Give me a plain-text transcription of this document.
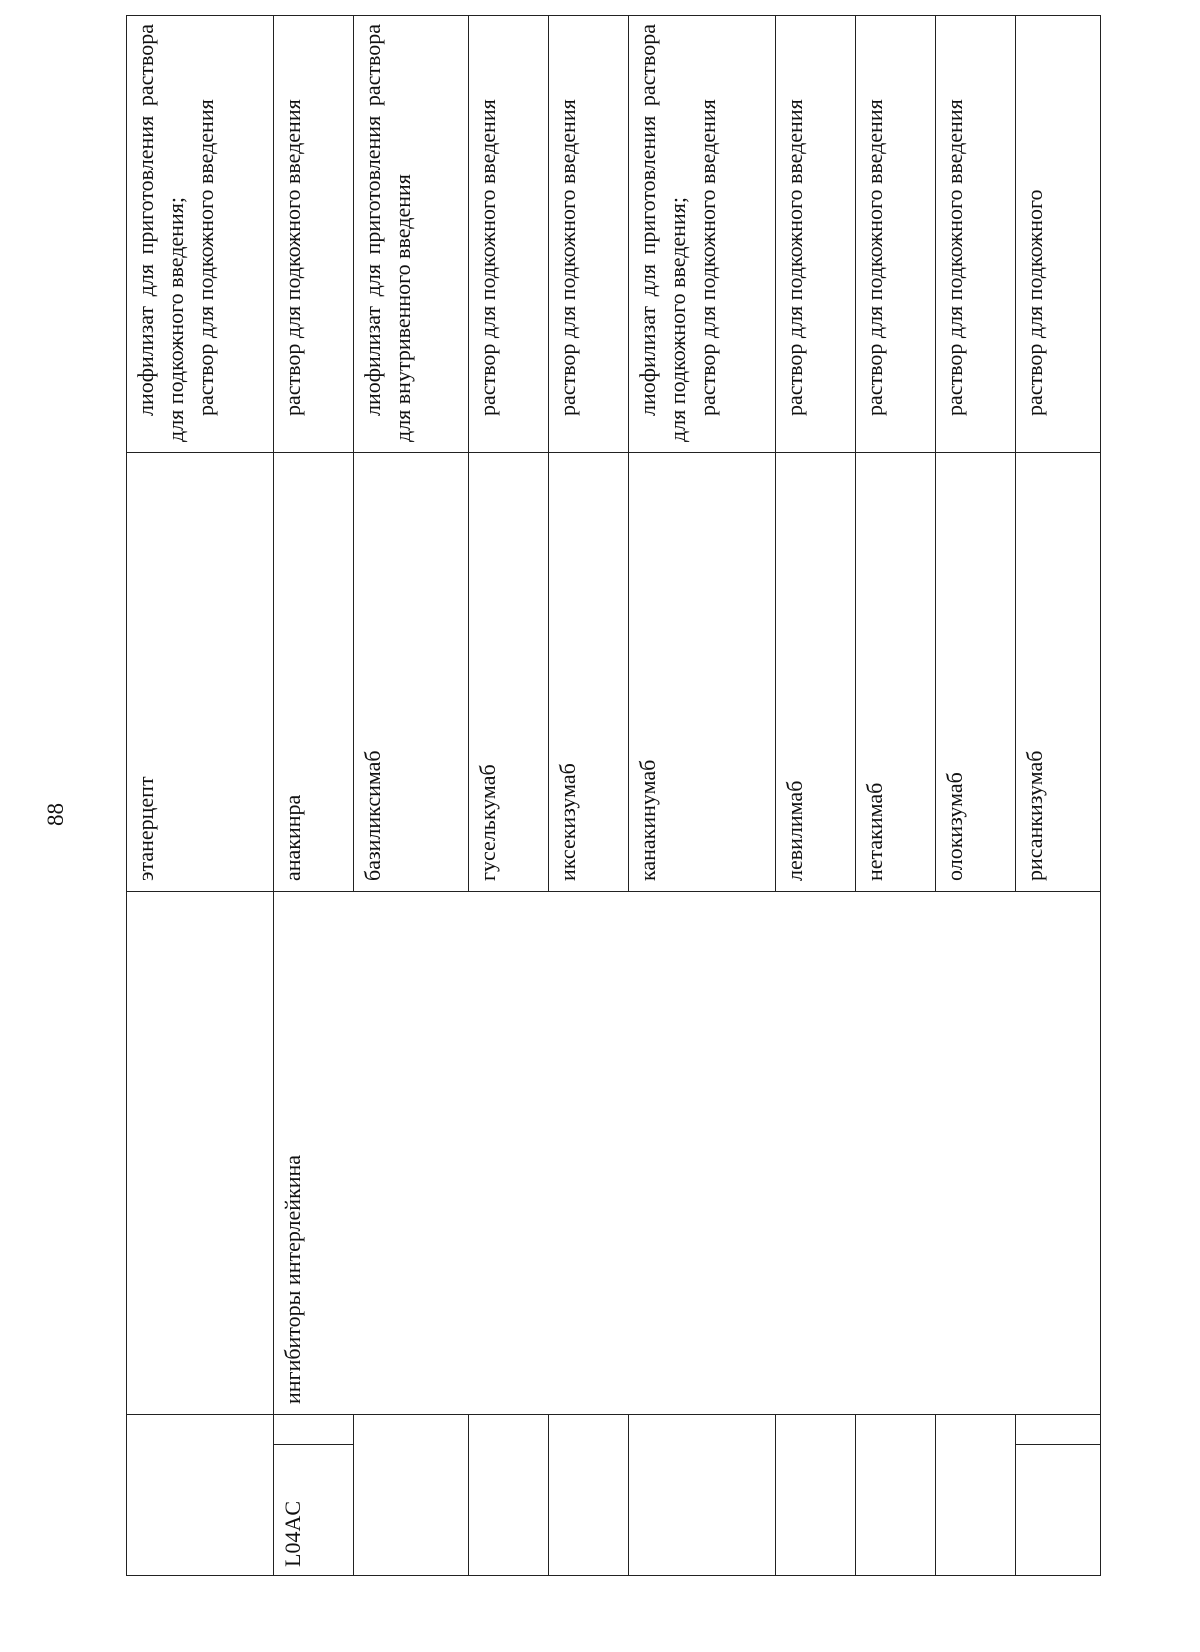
88
			этанерцепт	лиофилизат для приготовления раствора для подкожного введения; раствор для подкожного введения

L04AC	ингибиторы интерлейкина	анакинра	раствор для подкожного введения

		базиликсимаб	лиофилизат для приготовления раствора для внутривенного введения

		гуселькумаб	раствор для подкожного введения

		иксекизумаб	раствор для подкожного введения

		канакинумаб	лиофилизат для приготовления раствора для подкожного введения; раствор для подкожного введения

		левилимаб	раствор для подкожного введения

		нетакимаб	раствор для подкожного введения

		олокизумаб	раствор для подкожного введения

		рисанкизумаб	раствор для подкожного
